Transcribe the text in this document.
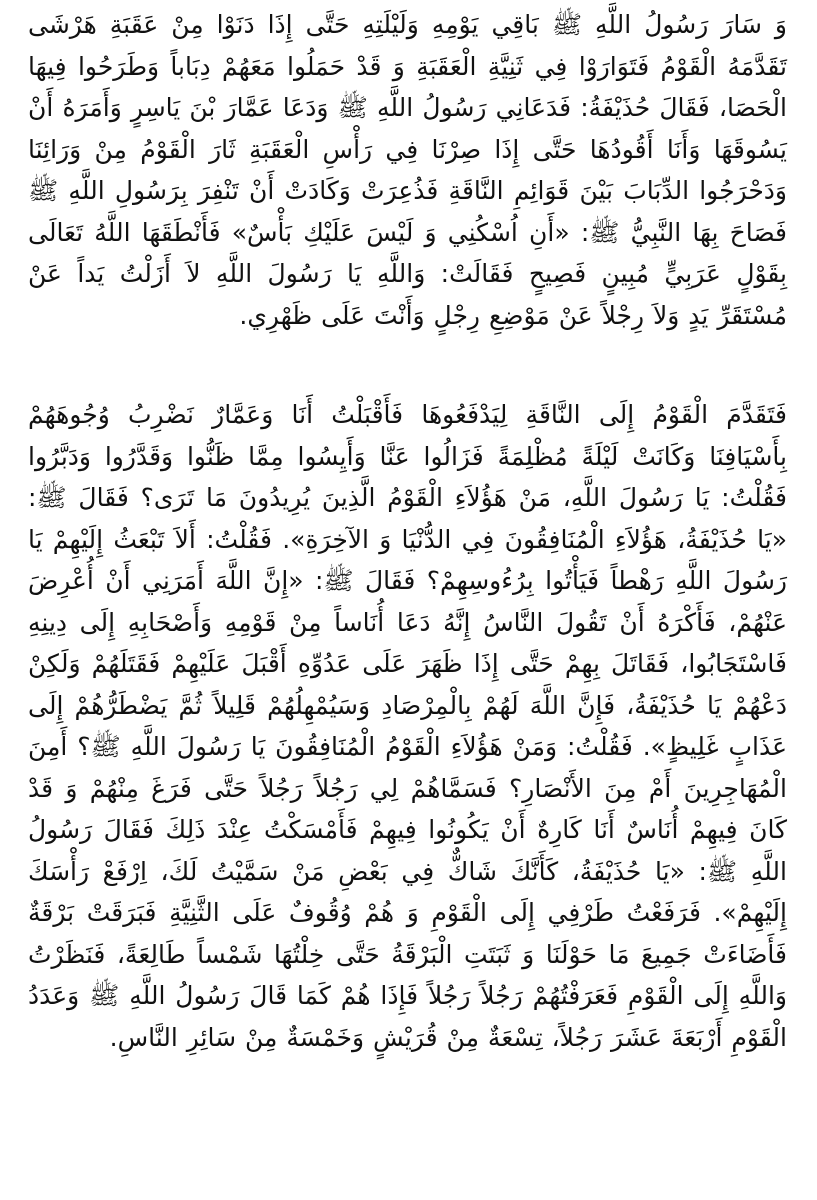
وَ سَارَ رَسُولُ اللَّهِ ﷺ بَاقِي يَوْمِهِ وَلَيْلَتِهِ حَتَّى إِذَا دَنَوْا مِنْ عَقَبَةِ هَرْشَى تَقَدَّمَهُ الْقَوْمُ فَتَوَارَوْا فِي ثَنِيَّةِ الْعَقَبَةِ وَ قَدْ حَمَلُوا مَعَهُمْ دِبَاباً وَطَرَحُوا فِيهَا الْحَصَا، فَقَالَ حُذَيْفَةُ: فَدَعَانِي رَسُولُ اللَّهِ ﷺ وَدَعَا عَمَّارَ بْنَ يَاسِرٍ وَأَمَرَهُ أَنْ يَسُوقَهَا وَأَنَا أَقُودُهَا حَتَّى إِذَا صِرْنَا فِي رَأْسِ الْعَقَبَةِ ثَارَ الْقَوْمُ مِنْ وَرَائِنَا وَدَحْرَجُوا الدِّبَابَ بَيْنَ قَوَائِمِ النَّاقَةِ فَذُعِرَتْ وَكَادَتْ أَنْ تَنْفِرَ بِرَسُولِ اللَّهِ ﷺ فَصَاحَ بِهَا النَّبِيُّ ﷺ: «أَنِ اُسْكُنِي وَ لَيْسَ عَلَيْكِ بَأْسٌ» فَأَنْطَقَهَا اللَّهُ تَعَالَى بِقَوْلٍ عَرَبِيٍّ مُبِينٍ فَصِيحٍ فَقَالَتْ: وَاللَّهِ يَا رَسُولَ اللَّهِ لاَ أَزَلْتُ يَداً عَنْ مُسْتَقَرِّ يَدٍ وَلاَ رِجْلاً عَنْ مَوْضِعِ رِجْلٍ وَأَنْتَ عَلَى ظَهْرِي.

فَتَقَدَّمَ الْقَوْمُ إِلَى النَّاقَةِ لِيَدْفَعُوهَا فَأَقْبَلْتُ أَنَا وَعَمَّارٌ نَضْرِبُ وُجُوهَهُمْ بِأَسْيَافِنَا وَكَانَتْ لَيْلَةً مُظْلِمَةً فَزَالُوا عَنَّا وَأَيِسُوا مِمَّا ظَنُّوا وَقَدَّرُوا وَدَبَّرُوا فَقُلْتُ: يَا رَسُولَ اللَّهِ، مَنْ هَؤُلاَءِ الْقَوْمُ الَّذِينَ يُرِيدُونَ مَا تَرَى؟ فَقَالَ ﷺ: «يَا حُذَيْفَةُ، هَؤُلاَءِ الْمُنَافِقُونَ فِي الدُّنْيَا وَ الآخِرَةِ». فَقُلْتُ: أَلاَ تَبْعَثُ إِلَيْهِمْ يَا رَسُولَ اللَّهِ رَهْطاً فَيَأْتُوا بِرُءُوسِهِمْ؟ فَقَالَ ﷺ: «إِنَّ اللَّهَ أَمَرَنِي أَنْ أُعْرِضَ عَنْهُمْ، فَأَكْرَهُ أَنْ تَقُولَ النَّاسُ إِنَّهُ دَعَا أُنَاساً مِنْ قَوْمِهِ وَأَصْحَابِهِ إِلَى دِينِهِ فَاسْتَجَابُوا، فَقَاتَلَ بِهِمْ حَتَّى إِذَا ظَهَرَ عَلَى عَدُوِّهِ أَقْبَلَ عَلَيْهِمْ فَقَتَلَهُمْ وَلَكِنْ دَعْهُمْ يَا حُذَيْفَةُ، فَإِنَّ اللَّهَ لَهُمْ بِالْمِرْصَادِ وَسَيُمْهِلُهُمْ قَلِيلاً ثُمَّ يَضْطَرُّهُمْ إِلَى عَذَابٍ غَلِيظٍ». فَقُلْتُ: وَمَنْ هَؤُلاَءِ الْقَوْمُ الْمُنَافِقُونَ يَا رَسُولَ اللَّهِ ﷺ؟ أَمِنَ الْمُهَاجِرِينَ أَمْ مِنَ الأَنْصَارِ؟ فَسَمَّاهُمْ لِي رَجُلاً رَجُلاً حَتَّى فَرَغَ مِنْهُمْ وَ قَدْ كَانَ فِيهِمْ أُنَاسٌ أَنَا كَارِهٌ أَنْ يَكُونُوا فِيهِمْ فَأَمْسَكْتُ عِنْدَ ذَلِكَ فَقَالَ رَسُولُ اللَّهِ ﷺ: «يَا حُذَيْفَةُ، كَأَنَّكَ شَاكٌّ فِي بَعْضِ مَنْ سَمَّيْتُ لَكَ، اِرْفَعْ رَأْسَكَ إِلَيْهِمْ». فَرَفَعْتُ طَرْفِي إِلَى الْقَوْمِ وَ هُمْ وُقُوفٌ عَلَى الثَّنِيَّةِ فَبَرَقَتْ بَرْقَةٌ فَأَضَاءَتْ جَمِيعَ مَا حَوْلَنَا وَ ثَبَتَتِ الْبَرْقَةُ حَتَّى خِلْتُهَا شَمْساً طَالِعَةً، فَنَظَرْتُ وَاللَّهِ إِلَى الْقَوْمِ فَعَرَفْتُهُمْ رَجُلاً رَجُلاً فَإِذَا هُمْ كَمَا قَالَ رَسُولُ اللَّهِ ﷺ وَعَدَدُ الْقَوْمِ أَرْبَعَةَ عَشَرَ رَجُلاً، تِسْعَةٌ مِنْ قُرَيْشٍ وَخَمْسَةٌ مِنْ سَائِرِ النَّاسِ.
